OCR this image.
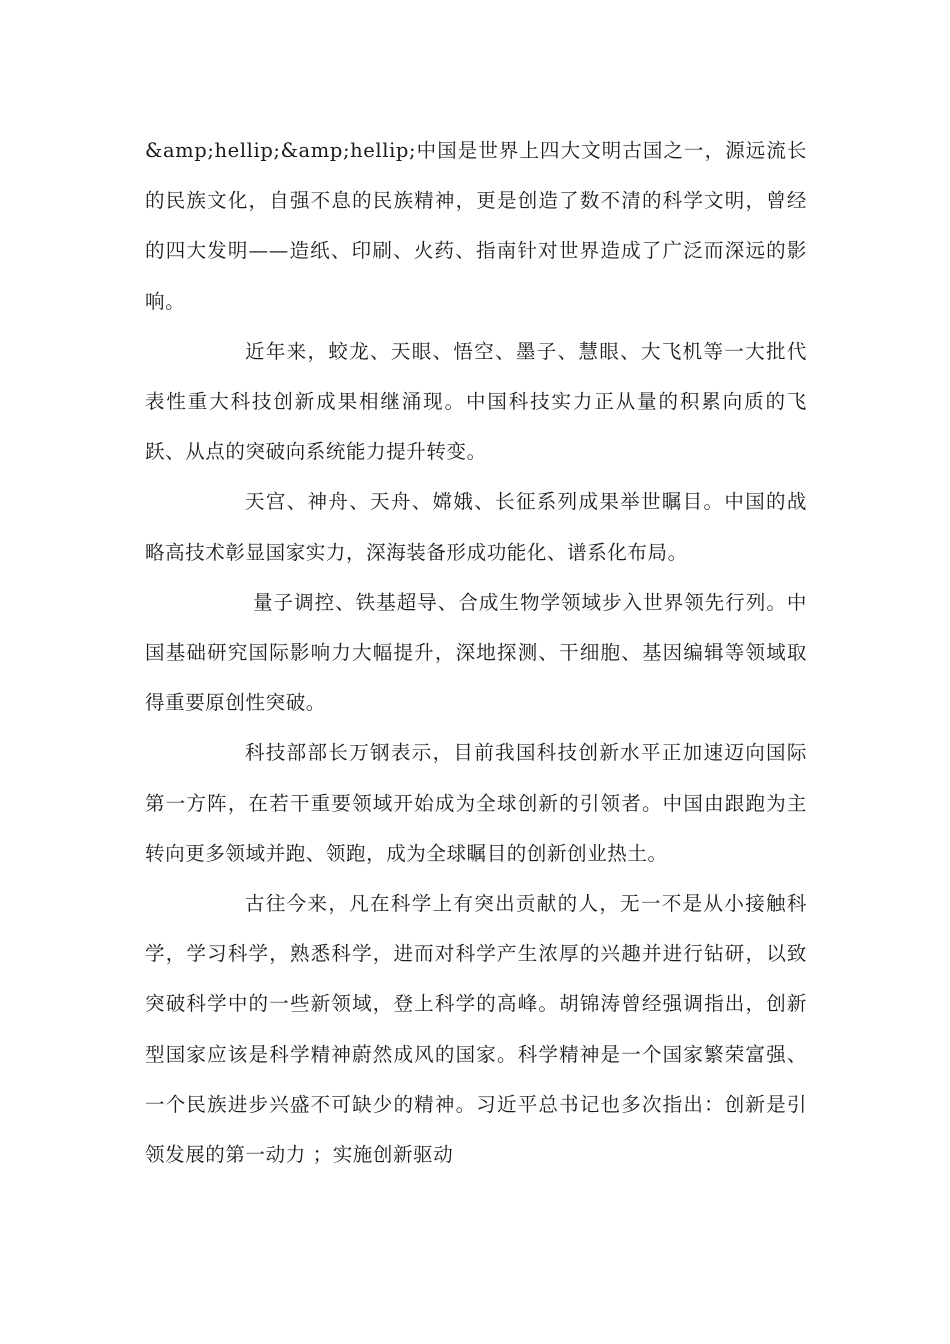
&amp;hellip;&amp;hellip;中国是世界上四大文明古国之一，源远流长的民族文化，自强不息的民族精神，更是创造了数不清的科学文明，曾经的四大发明——造纸、印刷、火药、指南针对世界造成了广泛而深远的影响。

近年来，蛟龙、天眼、悟空、墨子、慧眼、大飞机等一大批代表性重大科技创新成果相继涌现。中国科技实力正从量的积累向质的飞跃、从点的突破向系统能力提升转变。

天宫、神舟、天舟、嫦娥、长征系列成果举世瞩目。中国的战略高技术彰显国家实力，深海装备形成功能化、谱系化布局。

量子调控、铁基超导、合成生物学领域步入世界领先行列。中国基础研究国际影响力大幅提升，深地探测、干细胞、基因编辑等领域取得重要原创性突破。

科技部部长万钢表示，目前我国科技创新水平正加速迈向国际第一方阵，在若干重要领域开始成为全球创新的引领者。中国由跟跑为主转向更多领域并跑、领跑，成为全球瞩目的创新创业热土。

古往今来，凡在科学上有突出贡献的人，无一不是从小接触科学，学习科学，熟悉科学，进而对科学产生浓厚的兴趣并进行钻研，以致突破科学中的一些新领域，登上科学的高峰。胡锦涛曾经强调指出，创新型国家应该是科学精神蔚然成风的国家。科学精神是一个国家繁荣富强、一个民族进步兴盛不可缺少的精神。习近平总书记也多次指出：创新是引领发展的第一动力 ；实施创新驱动
